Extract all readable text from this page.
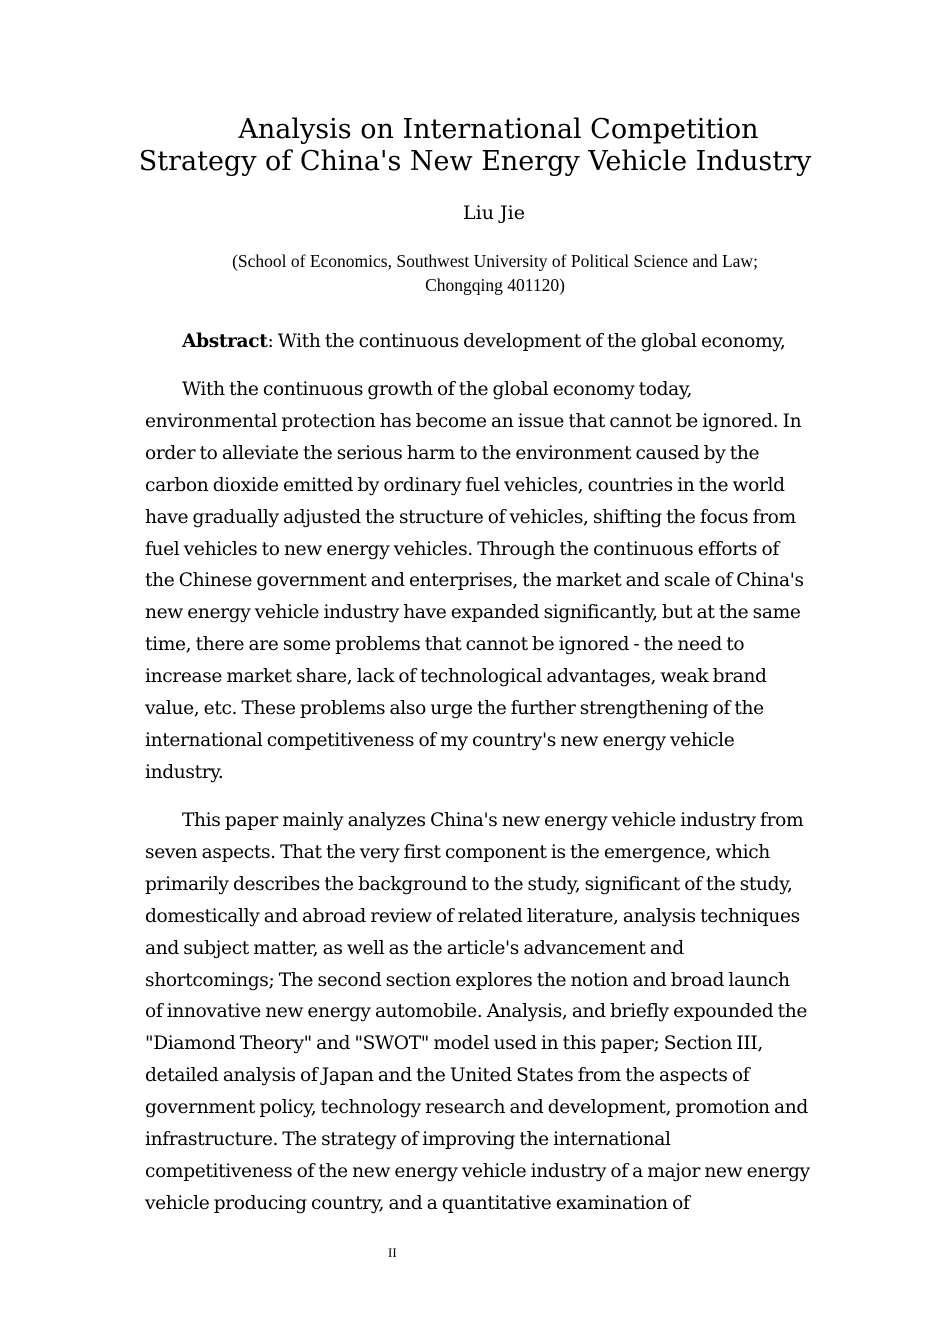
Analysis on International Competition
Strategy of China's New Energy Vehicle Industry
Liu Jie
(School of Economics, Southwest University of Political Science and Law;
Chongqing 401120)

Abstract: With the continuous development of the global economy,

With the continuous growth of the global economy today, environmental protection has become an issue that cannot be ignored. In order to alleviate the serious harm to the environment caused by the carbon dioxide emitted by ordinary fuel vehicles, countries in the world have gradually adjusted the structure of vehicles, shifting the focus from fuel vehicles to new energy vehicles. Through the continuous efforts of the Chinese government and enterprises, the market and scale of China's new energy vehicle industry have expanded significantly, but at the same time, there are some problems that cannot be ignored - the need to increase market share, lack of technological advantages, weak brand value, etc. These problems also urge the further strengthening of the international competitiveness of my country's new energy vehicle industry.

This paper mainly analyzes China's new energy vehicle industry from seven aspects. That the very first component is the emergence, which primarily describes the background to the study, significant of the study, domestically and abroad review of related literature, analysis techniques and subject matter, as well as the article's advancement and shortcomings; The second section explores the notion and broad launch of innovative new energy automobile. Analysis, and briefly expounded the "Diamond Theory" and "SWOT" model used in this paper; Section III, detailed analysis of Japan and the United States from the aspects of government policy, technology research and development, promotion and infrastructure. The strategy of improving the international competitiveness of the new energy vehicle industry of a major new energy vehicle producing country, and a quantitative examination of

II
